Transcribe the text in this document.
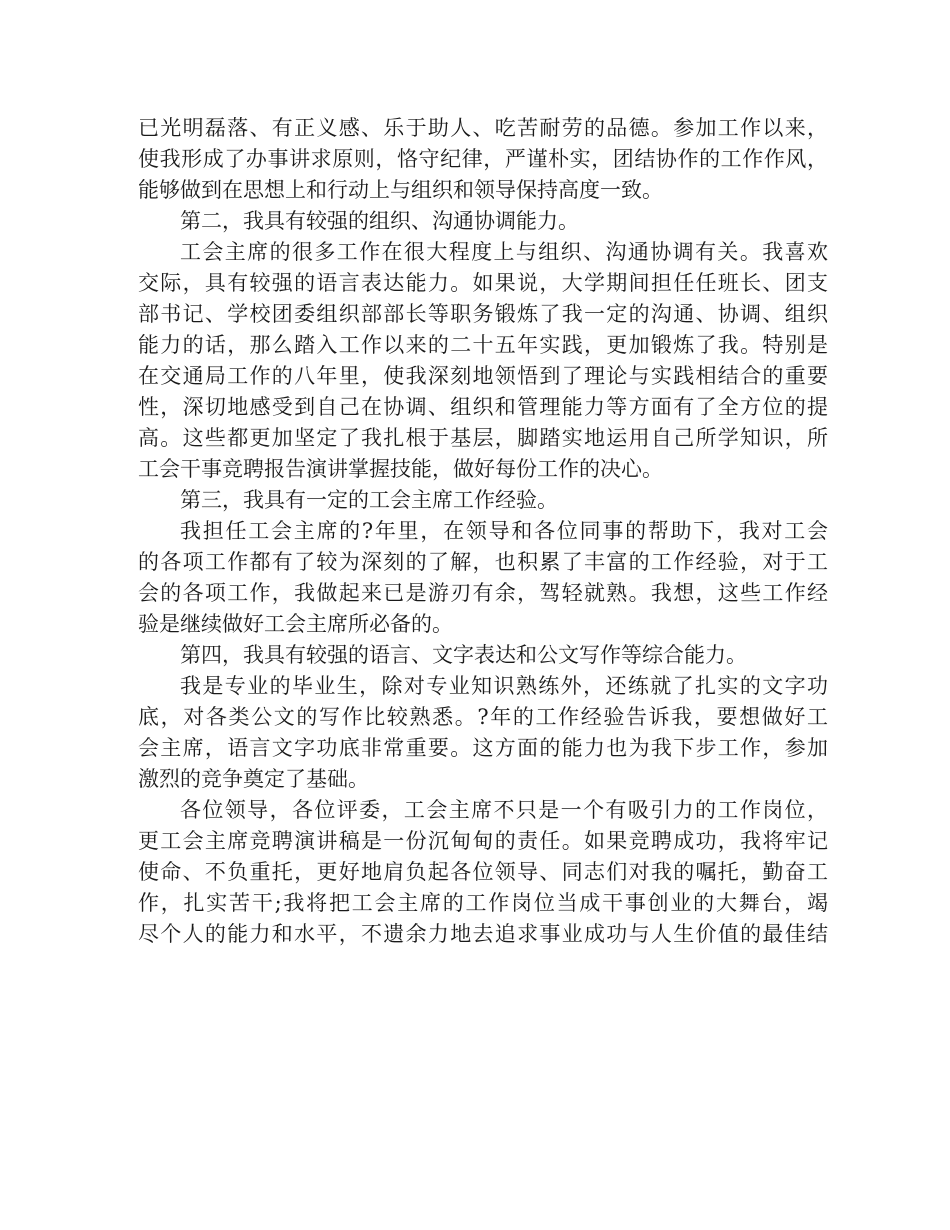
已光明磊落、有正义感、乐于助人、吃苦耐劳的品德。参加工作以来，
使我形成了办事讲求原则，恪守纪律，严谨朴实，团结协作的工作作风，
能够做到在思想上和行动上与组织和领导保持高度一致。
第二，我具有较强的组织、沟通协调能力。
工会主席的很多工作在很大程度上与组织、沟通协调有关。我喜欢
交际，具有较强的语言表达能力。如果说，大学期间担任任班长、团支
部书记、学校团委组织部部长等职务锻炼了我一定的沟通、协调、组织
能力的话，那么踏入工作以来的二十五年实践，更加锻炼了我。特别是
在交通局工作的八年里，使我深刻地领悟到了理论与实践相结合的重要
性，深切地感受到自己在协调、组织和管理能力等方面有了全方位的提
高。这些都更加坚定了我扎根于基层，脚踏实地运用自己所学知识，所
工会干事竞聘报告演讲掌握技能，做好每份工作的决心。
第三，我具有一定的工会主席工作经验。
我担任工会主席的?年里，在领导和各位同事的帮助下，我对工会
的各项工作都有了较为深刻的了解，也积累了丰富的工作经验，对于工
会的各项工作，我做起来已是游刃有余，驾轻就熟。我想，这些工作经
验是继续做好工会主席所必备的。
第四，我具有较强的语言、文字表达和公文写作等综合能力。
我是专业的毕业生，除对专业知识熟练外，还练就了扎实的文字功
底，对各类公文的写作比较熟悉。?年的工作经验告诉我，要想做好工
会主席，语言文字功底非常重要。这方面的能力也为我下步工作，参加
激烈的竞争奠定了基础。
各位领导，各位评委，工会主席不只是一个有吸引力的工作岗位，
更工会主席竞聘演讲稿是一份沉甸甸的责任。如果竞聘成功，我将牢记
使命、不负重托，更好地肩负起各位领导、同志们对我的嘱托，勤奋工
作，扎实苦干;我将把工会主席的工作岗位当成干事创业的大舞台，竭
尽个人的能力和水平，不遗余力地去追求事业成功与人生价值的最佳结
